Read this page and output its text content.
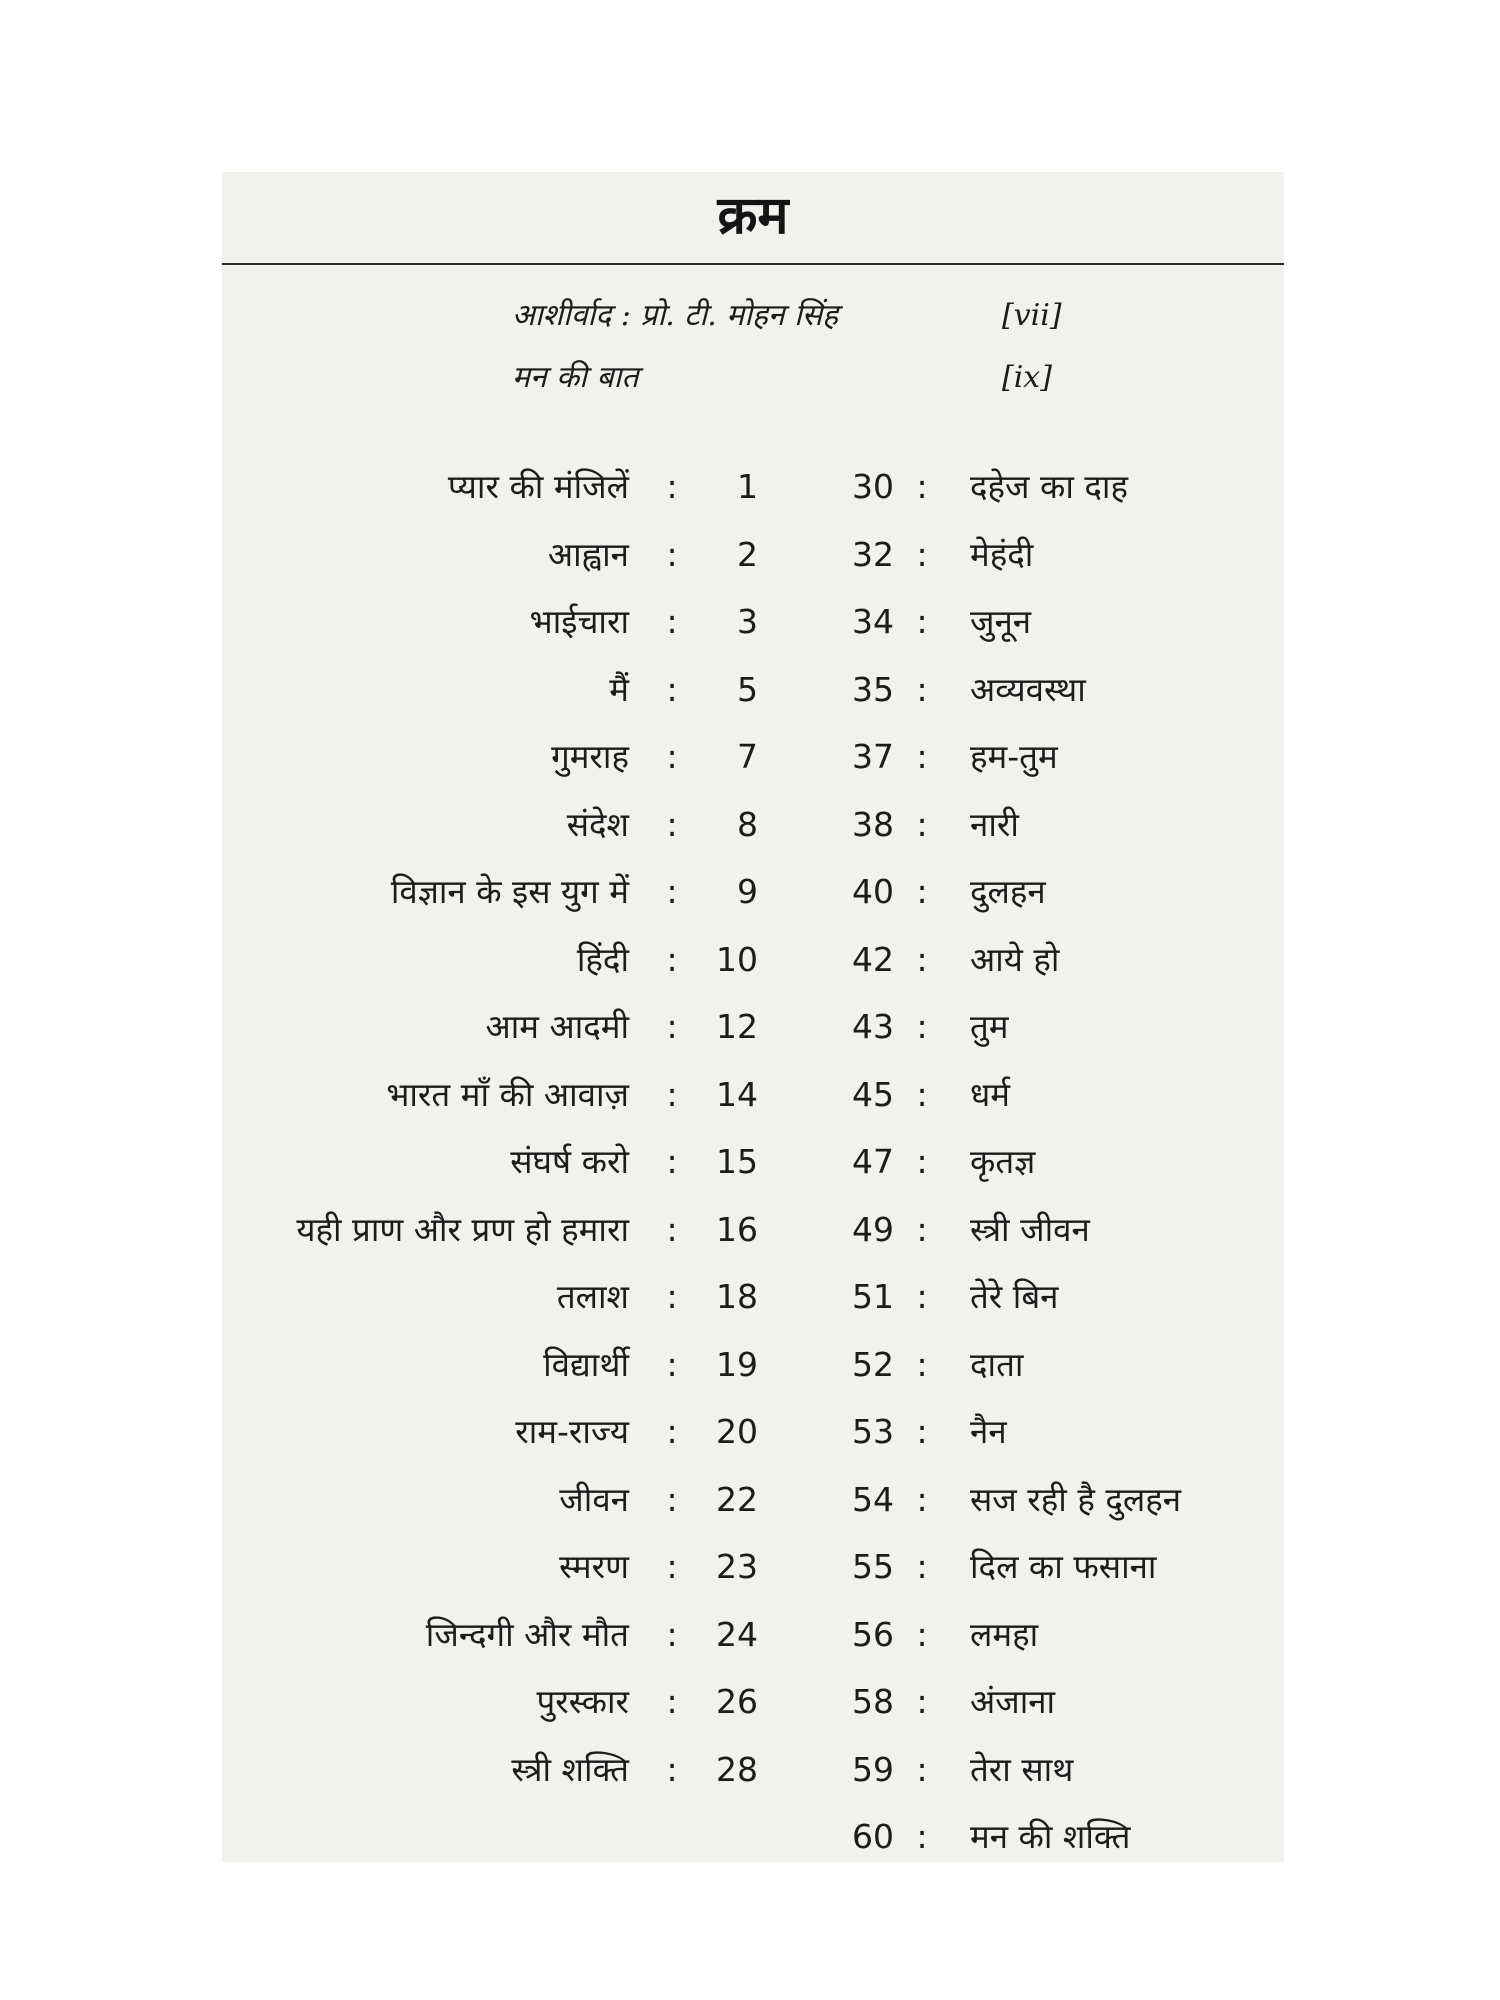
क्रम
आशीर्वाद : प्रो. टी. मोहन सिंह	[vii]
मन की बात	[ix]
प्यार की मंजिलें :	1	30 : दहेज का दाह
आह्वान :	2	32 : मेहंदी
भाईचारा :	3	34 : जुनून
मैं :	5	35 : अव्यवस्था
गुमराह :	7	37 : हम-तुम
संदेश :	8	38 : नारी
विज्ञान के इस युग में :	9	40 : दुलहन
हिंदी :	10	42 : आये हो
आम आदमी :	12	43 : तुम
भारत माँ की आवाज़ :	14	45 : धर्म
संघर्ष करो :	15	47 : कृतज्ञ
यही प्राण और प्रण हो हमारा :	16	49 : स्त्री जीवन
तलाश :	18	51 : तेरे बिन
विद्यार्थी :	19	52 : दाता
राम-राज्य :	20	53 : नैन
जीवन :	22	54 : सज रही है दुलहन
स्मरण :	23	55 : दिल का फसाना
जिन्दगी और मौत :	24	56 : लमहा
पुरस्कार :	26	58 : अंजाना
स्त्री शक्ति :	28	59 : तेरा साथ
60 : मन की शक्ति
